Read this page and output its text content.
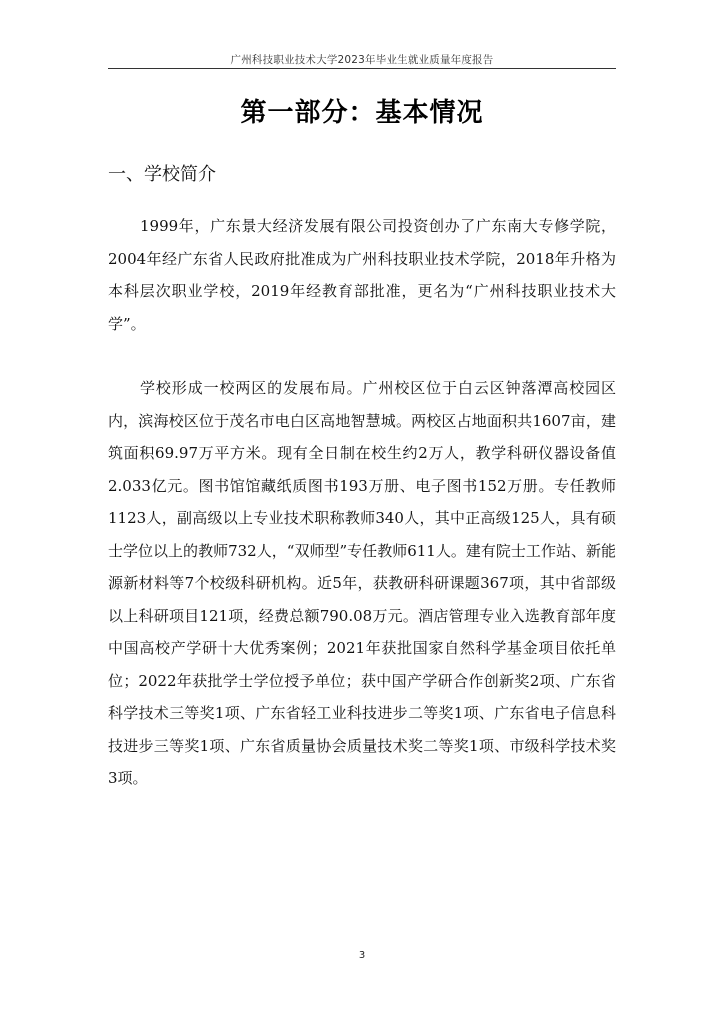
广州科技职业技术大学2023年毕业生就业质量年度报告
第一部分：基本情况
一、学校简介

1999年，广东景大经济发展有限公司投资创办了广东南大专修学院，2004年经广东省人民政府批准成为广州科技职业技术学院，2018年升格为本科层次职业学校，2019年经教育部批准，更名为“广州科技职业技术大学”。

学校形成一校两区的发展布局。广州校区位于白云区钟落潭高校园区内，滨海校区位于茂名市电白区高地智慧城。两校区占地面积共1607亩，建筑面积69.97万平方米。现有全日制在校生约2万人，教学科研仪器设备值2.033亿元。图书馆馆藏纸质图书193万册、电子图书152万册。专任教师1123人，副高级以上专业技术职称教师340人，其中正高级125人，具有硕士学位以上的教师732人，“双师型”专任教师611人。建有院士工作站、新能源新材料等7个校级科研机构。近5年，获教研科研课题367项，其中省部级以上科研项目121项，经费总额790.08万元。酒店管理专业入选教育部年度中国高校产学研十大优秀案例；2021年获批国家自然科学基金项目依托单位；2022年获批学士学位授予单位；获中国产学研合作创新奖2项、广东省科学技术三等奖1项、广东省轻工业科技进步二等奖1项、广东省电子信息科技进步三等奖1项、广东省质量协会质量技术奖二等奖1项、市级科学技术奖3项。

3
